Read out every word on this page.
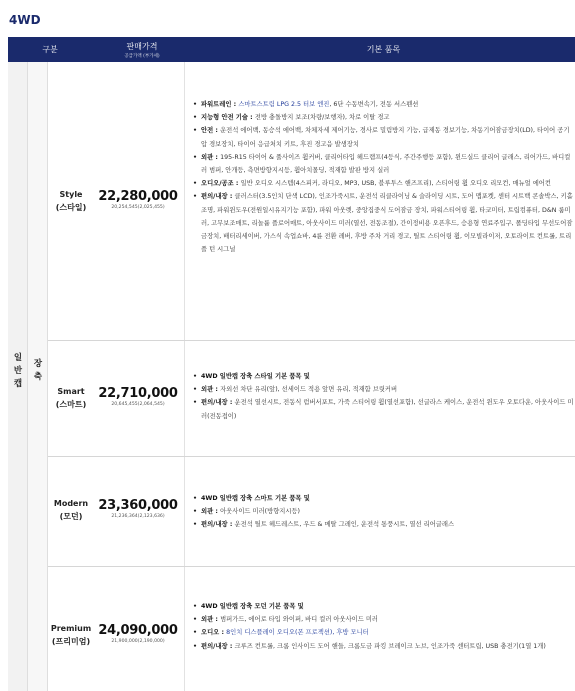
4WD
구분	판매가격
공급가액 (부가세)
기본 품목
일
반
캡
장
축
Style
(스타일)
22,280,000
20,254,545(2,025,455)
• 파워트레인 : 스마트스트림 LPG 2.5 터보 엔진, 6단 수동변속기, 전동 서스펜션
• 지능형 안전 기술 : 전방 충돌방지 보조(차량/보행자), 차로 이탈 경고
• 안전 : 운전석 에어백, 동승석 에어백, 차체자세 제어기능, 경사로 밀림방지 기능, 급제동 경보기능, 차동기어잠금장치(LD), 타이어 공기압 경보장치, 타이어 응급처치 키트, 후진 경고음 발생장치
• 외관 : 195-R15 타이어 & 풀사이즈 휠커버, 클리어타입 헤드램프(4등식, 주간주행등 포함), 윈드실드 클리어 글래스, 리어가드, 바디컬러 범퍼, 안개등, 측면방향지시등, 휠아치몰딩, 적재함 발판 방지 실러
• 오디오/공조 : 일반 오디오 시스템(4스피커, 라디오, MP3, USB, 블루투스 핸즈프리), 스티어링 휠 오디오 리모컨, 매뉴얼 에어컨
• 편의/내장 : 클러스터(3.5인치 단색 LCD), 인조가죽시트, 운전석 리클라이닝 & 슬라이딩 시트, 도어 맵포켓, 센터 시트백 콘솔박스, 키홀조명, 파워윈도우(전원일시유지기능 포함), 파워 아웃렛, 중앙집중식 도어잠금 장치, 파워스티어링 휠, 타코미터, 트립컴퓨터, D&N 룸미러, 고무보조매트, 리놀륨 플로어매트, 아웃사이드 미러(열선, 전동조절), 간이정비용 오픈후드, 승용형 연료주입구, 폴딩타입 무선도어잠금장치, 배터리세이버, 가스식 속업쇼바, 4륜 전환 레버, 후방 주차 거리 경고, 틸트 스티어링 휠, 이모빌라이저, 오토라이트 컨트롤, 트리플 턴 시그널
Smart
(스마트)
22,710,000
20,645,455(2,064,545)
• 4WD 일반캡 장축 스타일 기본 품목 및
• 외관 : 자외선 차단 유리(앞), 선세이드 적용 앞면 유리, 적재함 브릿커버
• 편의/내장 : 운전석 열선시트, 전동식 럼버서포트, 가죽 스티어링 휠(열선포함), 선글라스 케이스, 운전석 윈도우 오토다운, 아웃사이드 미러(전동접이)
Modern
(모던)
23,360,000
21,236,364(2,123,636)
• 4WD 일반캡 장축 스마트 기본 품목 및
• 외관 : 아웃사이드 미러(방향지시등)
• 편의/내장 : 운전석 틸트 헤드레스트, 우드 & 메탈 그레인, 운전석 통풍시트, 열선 리어글래스
Premium
(프리미엄)
24,090,000
21,900,000(2,190,000)
• 4WD 일반캡 장축 모던 기본 품목 및
• 외관 : 범퍼가드, 에어로 타입 와이퍼, 바디 컬러 아웃사이드 미러
• 오디오 : 8인치 디스플레이 오디오(폰 프로젝션), 후방 모니터
• 편의/내장 : 크루즈 컨트롤, 크롬 인사이드 도어 핸들, 크롬도금 파킹 브레이크 노브, 인조가죽 센터트립, USB 충전기(1열 1개)
